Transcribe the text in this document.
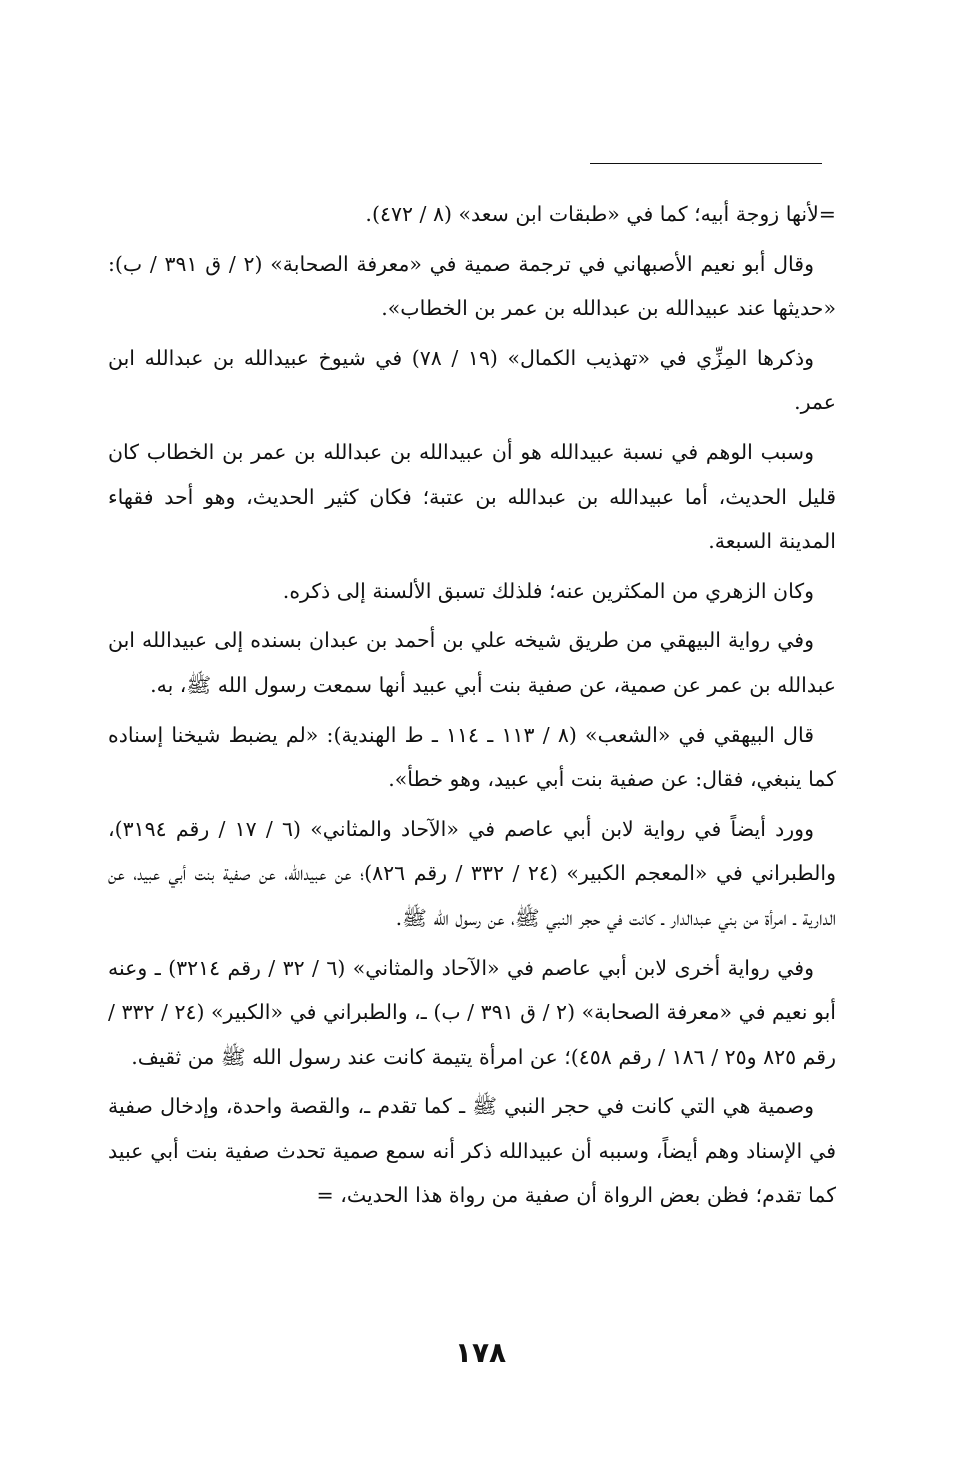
=لأنها زوجة أبيه؛ كما في «طبقات ابن سعد» (٨ / ٤٧٢).

وقال أبو نعيم الأصبهاني في ترجمة صمية في «معرفة الصحابة» (٢ / ق ٣٩١ / ب): «حديثها عند عبيدالله بن عبدالله بن عمر بن الخطاب».

وذكرها المِزِّي في «تهذيب الكمال» (١٩ / ٧٨) في شيوخ عبيدالله بن عبدالله ابن عمر.

وسبب الوهم في نسبة عبيدالله هو أن عبيدالله بن عبدالله بن عمر بن الخطاب كان قليل الحديث، أما عبيدالله بن عبدالله بن عتبة؛ فكان كثير الحديث، وهو أحد فقهاء المدينة السبعة.

وكان الزهري من المكثرين عنه؛ فلذلك تسبق الألسنة إلى ذكره.

وفي رواية البيهقي من طريق شيخه علي بن أحمد بن عبدان بسنده إلى عبيدالله ابن عبدالله بن عمر عن صمية، عن صفية بنت أبي عبيد أنها سمعت رسول الله ﷺ، به.

قال البيهقي في «الشعب» (٨ / ١١٣ ـ ١١٤ ـ ط الهندية): «لم يضبط شيخنا إسناده كما ينبغي، فقال: عن صفية بنت أبي عبيد، وهو خطأ».

وورد أيضاً في رواية لابن أبي عاصم في «الآحاد والمثاني» (٦ / ١٧ / رقم ٣١٩٤)، والطبراني في «المعجم الكبير» (٢٤ / ٣٣٢ / رقم ٨٢٦)؛ عن عبيدالله، عن صفية بنت أبي عبيد، عن الدارية ـ امرأة من بني عبدالدار ـ كانت في حجر النبي ﷺ، عن رسول الله ﷺ.

وفي رواية أخرى لابن أبي عاصم في «الآحاد والمثاني» (٦ / ٣٢ / رقم ٣٢١٤) ـ وعنه أبو نعيم في «معرفة الصحابة» (٢ / ق ٣٩١ / ب) ـ، والطبراني في «الكبير» (٢٤ / ٣٣٢ / رقم ٨٢٥ و٢٥ / ١٨٦ / رقم ٤٥٨)؛ عن امرأة يتيمة كانت عند رسول الله ﷺ من ثقيف.

وصمية هي التي كانت في حجر النبي ﷺ ـ كما تقدم ـ، والقصة واحدة، وإدخال صفية في الإسناد وهم أيضاً، وسببه أن عبيدالله ذكر أنه سمع صمية تحدث صفية بنت أبي عبيد كما تقدم؛ فظن بعض الرواة أن صفية من رواة هذا الحديث، =

١٧٨
